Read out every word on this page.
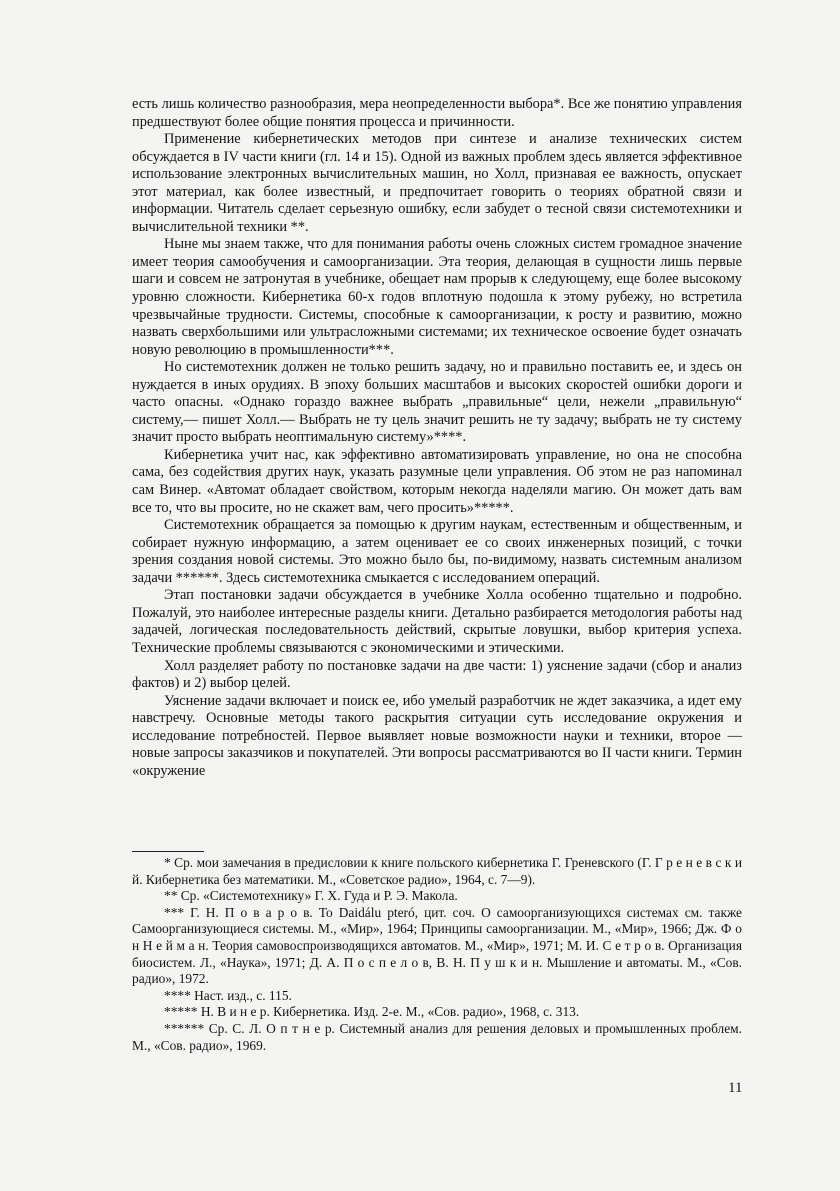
есть лишь количество разнообразия, мера неопределенности выбора*. Все же понятию управления предшествуют более общие понятия процесса и причинности.

Применение кибернетических методов при синтезе и анализе технических систем обсуждается в IV части книги (гл. 14 и 15). Одной из важных проблем здесь является эффективное использование электронных вычислительных машин, но Холл, признавая ее важность, опускает этот материал, как более известный, и предпочитает говорить о теориях обратной связи и информации. Читатель сделает серьезную ошибку, если забудет о тесной связи системотехники и вычислительной техники **.

Ныне мы знаем также, что для понимания работы очень сложных систем громадное значение имеет теория самообучения и самоорганизации. Эта теория, делающая в сущности лишь первые шаги и совсем не затронутая в учебнике, обещает нам прорыв к следующему, еще более высокому уровню сложности. Кибернетика 60-х годов вплотную подошла к этому рубежу, но встретила чрезвычайные трудности. Системы, способные к самоорганизации, к росту и развитию, можно назвать сверхбольшими или ультрасложными системами; их техническое освоение будет означать новую революцию в промышленности***.

Но системотехник должен не только решить задачу, но и правильно поставить ее, и здесь он нуждается в иных орудиях. В эпоху больших масштабов и высоких скоростей ошибки дороги и часто опасны. «Однако гораздо важнее выбрать „правильные“ цели, нежели „правильную“ систему,— пишет Холл.— Выбрать не ту цель значит решить не ту задачу; выбрать не ту систему значит просто выбрать неоптимальную систему»****.

Кибернетика учит нас, как эффективно автоматизировать управление, но она не способна сама, без содействия других наук, указать разумные цели управления. Об этом не раз напоминал сам Винер. «Автомат обладает свойством, которым некогда наделяли магию. Он может дать вам все то, что вы просите, но не скажет вам, чего просить»*****.

Системотехник обращается за помощью к другим наукам, естественным и общественным, и собирает нужную информацию, а затем оценивает ее со своих инженерных позиций, с точки зрения создания новой системы. Это можно было бы, по-видимому, назвать системным анализом задачи ******. Здесь системотехника смыкается с исследованием операций.

Этап постановки задачи обсуждается в учебнике Холла особенно тщательно и подробно. Пожалуй, это наиболее интересные разделы книги. Детально разбирается методология работы над задачей, логическая последовательность действий, скрытые ловушки, выбор критерия успеха. Технические проблемы связываются с экономическими и этическими.

Холл разделяет работу по постановке задачи на две части: 1) уяснение задачи (сбор и анализ фактов) и 2) выбор целей.

Уяснение задачи включает и поиск ее, ибо умелый разработчик не ждет заказчика, а идет ему навстречу. Основные методы такого раскрытия ситуации суть исследование окружения и исследование потребностей. Первое выявляет новые возможности науки и техники, второе — новые запросы заказчиков и покупателей. Эти вопросы рассматриваются во II части книги. Термин «окружение

* Ср. мои замечания в предисловии к книге польского кибернетика Г. Греневского (Г. Г р е н е в с к и й. Кибернетика без математики. М., «Советское радио», 1964, с. 7—9).

** Ср. «Системотехнику» Г. Х. Гуда и Р. Э. Макола.

*** Г. Н. П о в а р о в. To Daidálu pteró, цит. соч. О самоорганизующихся системах см. также Самоорганизующиеся системы. М., «Мир», 1964; Принципы самоорганизации. М., «Мир», 1966; Дж. Ф о н Н е й м а н. Теория самовоспроизводящихся автоматов. М., «Мир», 1971; М. И. С е т р о в. Организация биосистем. Л., «Наука», 1971; Д. А. П о с п е л о в, В. Н. П у ш к и н. Мышление и автоматы. М., «Сов. радио», 1972.

**** Наст. изд., с. 115.

***** Н. В и н е р. Кибернетика. Изд. 2-е. М., «Сов. радио», 1968, с. 313.

****** Ср. С. Л. О п т н е р. Системный анализ для решения деловых и промышленных проблем. М., «Сов. радио», 1969.

11
